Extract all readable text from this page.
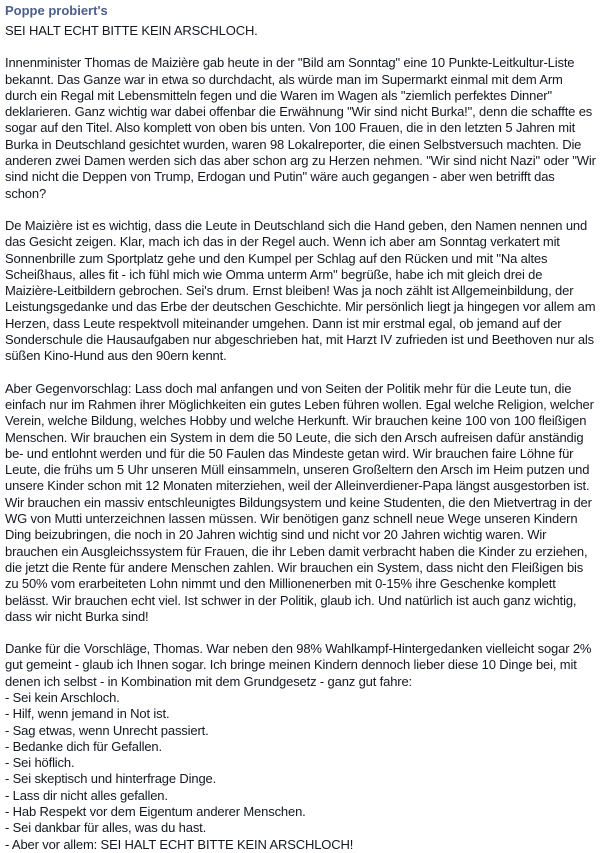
Poppe probiert's
SEI HALT ECHT BITTE KEIN ARSCHLOCH.

Innenminister Thomas de Maizière gab heute in der "Bild am Sonntag" eine 10 Punkte-Leitkultur-Liste bekannt. Das Ganze war in etwa so durchdacht, als würde man im Supermarkt einmal mit dem Arm durch ein Regal mit Lebensmitteln fegen und die Waren im Wagen als "ziemlich perfektes Dinner" deklarieren. Ganz wichtig war dabei offenbar die Erwähnung "Wir sind nicht Burka!", denn die schaffte es sogar auf den Titel. Also komplett von oben bis unten. Von 100 Frauen, die in den letzten 5 Jahren mit Burka in Deutschland gesichtet wurden, waren 98 Lokalreporter, die einen Selbstversuch machten. Die anderen zwei Damen werden sich das aber schon arg zu Herzen nehmen. "Wir sind nicht Nazi" oder "Wir sind nicht die Deppen von Trump, Erdogan und Putin" wäre auch gegangen - aber wen betrifft das schon?

De Maizière ist es wichtig, dass die Leute in Deutschland sich die Hand geben, den Namen nennen und das Gesicht zeigen. Klar, mach ich das in der Regel auch. Wenn ich aber am Sonntag verkatert mit Sonnenbrille zum Sportplatz gehe und den Kumpel per Schlag auf den Rücken und mit "Na altes Scheißhaus, alles fit - ich fühl mich wie Omma unterm Arm" begrüße, habe ich mit gleich drei de Maizière-Leitbildern gebrochen. Sei's drum. Ernst bleiben! Was ja noch zählt ist Allgemeinbildung, der Leistungsgedanke und das Erbe der deutschen Geschichte. Mir persönlich liegt ja hingegen vor allem am Herzen, dass Leute respektvoll miteinander umgehen. Dann ist mir erstmal egal, ob jemand auf der Sonderschule die Hausaufgaben nur abgeschrieben hat, mit Harzt IV zufrieden ist und Beethoven nur als süßen Kino-Hund aus den 90ern kennt.

Aber Gegenvorschlag: Lass doch mal anfangen und von Seiten der Politik mehr für die Leute tun, die einfach nur im Rahmen ihrer Möglichkeiten ein gutes Leben führen wollen. Egal welche Religion, welcher Verein, welche Bildung, welches Hobby und welche Herkunft. Wir brauchen keine 100 von 100 fleißigen Menschen. Wir brauchen ein System in dem die 50 Leute, die sich den Arsch aufreisen dafür anständig be- und entlohnt werden und für die 50 Faulen das Mindeste getan wird. Wir brauchen faire Löhne für Leute, die frühs um 5 Uhr unseren Müll einsammeln, unseren Großeltern den Arsch im Heim putzen und unsere Kinder schon mit 12 Monaten miterziehen, weil der Alleinverdiener-Papa längst ausgestorben ist. Wir brauchen ein massiv entschleunigtes Bildungsystem und keine Studenten, die den Mietvertrag in der WG von Mutti unterzeichnen lassen müssen. Wir benötigen ganz schnell neue Wege unseren Kindern Ding beizubringen, die noch in 20 Jahren wichtig sind und nicht vor 20 Jahren wichtig waren. Wir brauchen ein Ausgleichssystem für Frauen, die ihr Leben damit verbracht haben die Kinder zu erziehen, die jetzt die Rente für andere Menschen zahlen. Wir brauchen ein System, dass nicht den Fleißigen bis zu 50% vom erarbeiteten Lohn nimmt und den Millionenerben mit 0-15% ihre Geschenke komplett belässt. Wir brauchen echt viel. Ist schwer in der Politik, glaub ich. Und natürlich ist auch ganz wichtig, dass wir nicht Burka sind!

Danke für die Vorschläge, Thomas. War neben den 98% Wahlkampf-Hintergedanken vielleicht sogar 2% gut gemeint - glaub ich Ihnen sogar. Ich bringe meinen Kindern dennoch lieber diese 10 Dinge bei, mit denen ich selbst - in Kombination mit dem Grundgesetz - ganz gut fahre:

- Sei kein Arschloch.
- Hilf, wenn jemand in Not ist.
- Sag etwas, wenn Unrecht passiert.
- Bedanke dich für Gefallen.
- Sei höflich.
- Sei skeptisch und hinterfrage Dinge.
- Lass dir nicht alles gefallen.
- Hab Respekt vor dem Eigentum anderer Menschen.
- Sei dankbar für alles, was du hast.
- Aber vor allem: SEI HALT ECHT BITTE KEIN ARSCHLOCH!
